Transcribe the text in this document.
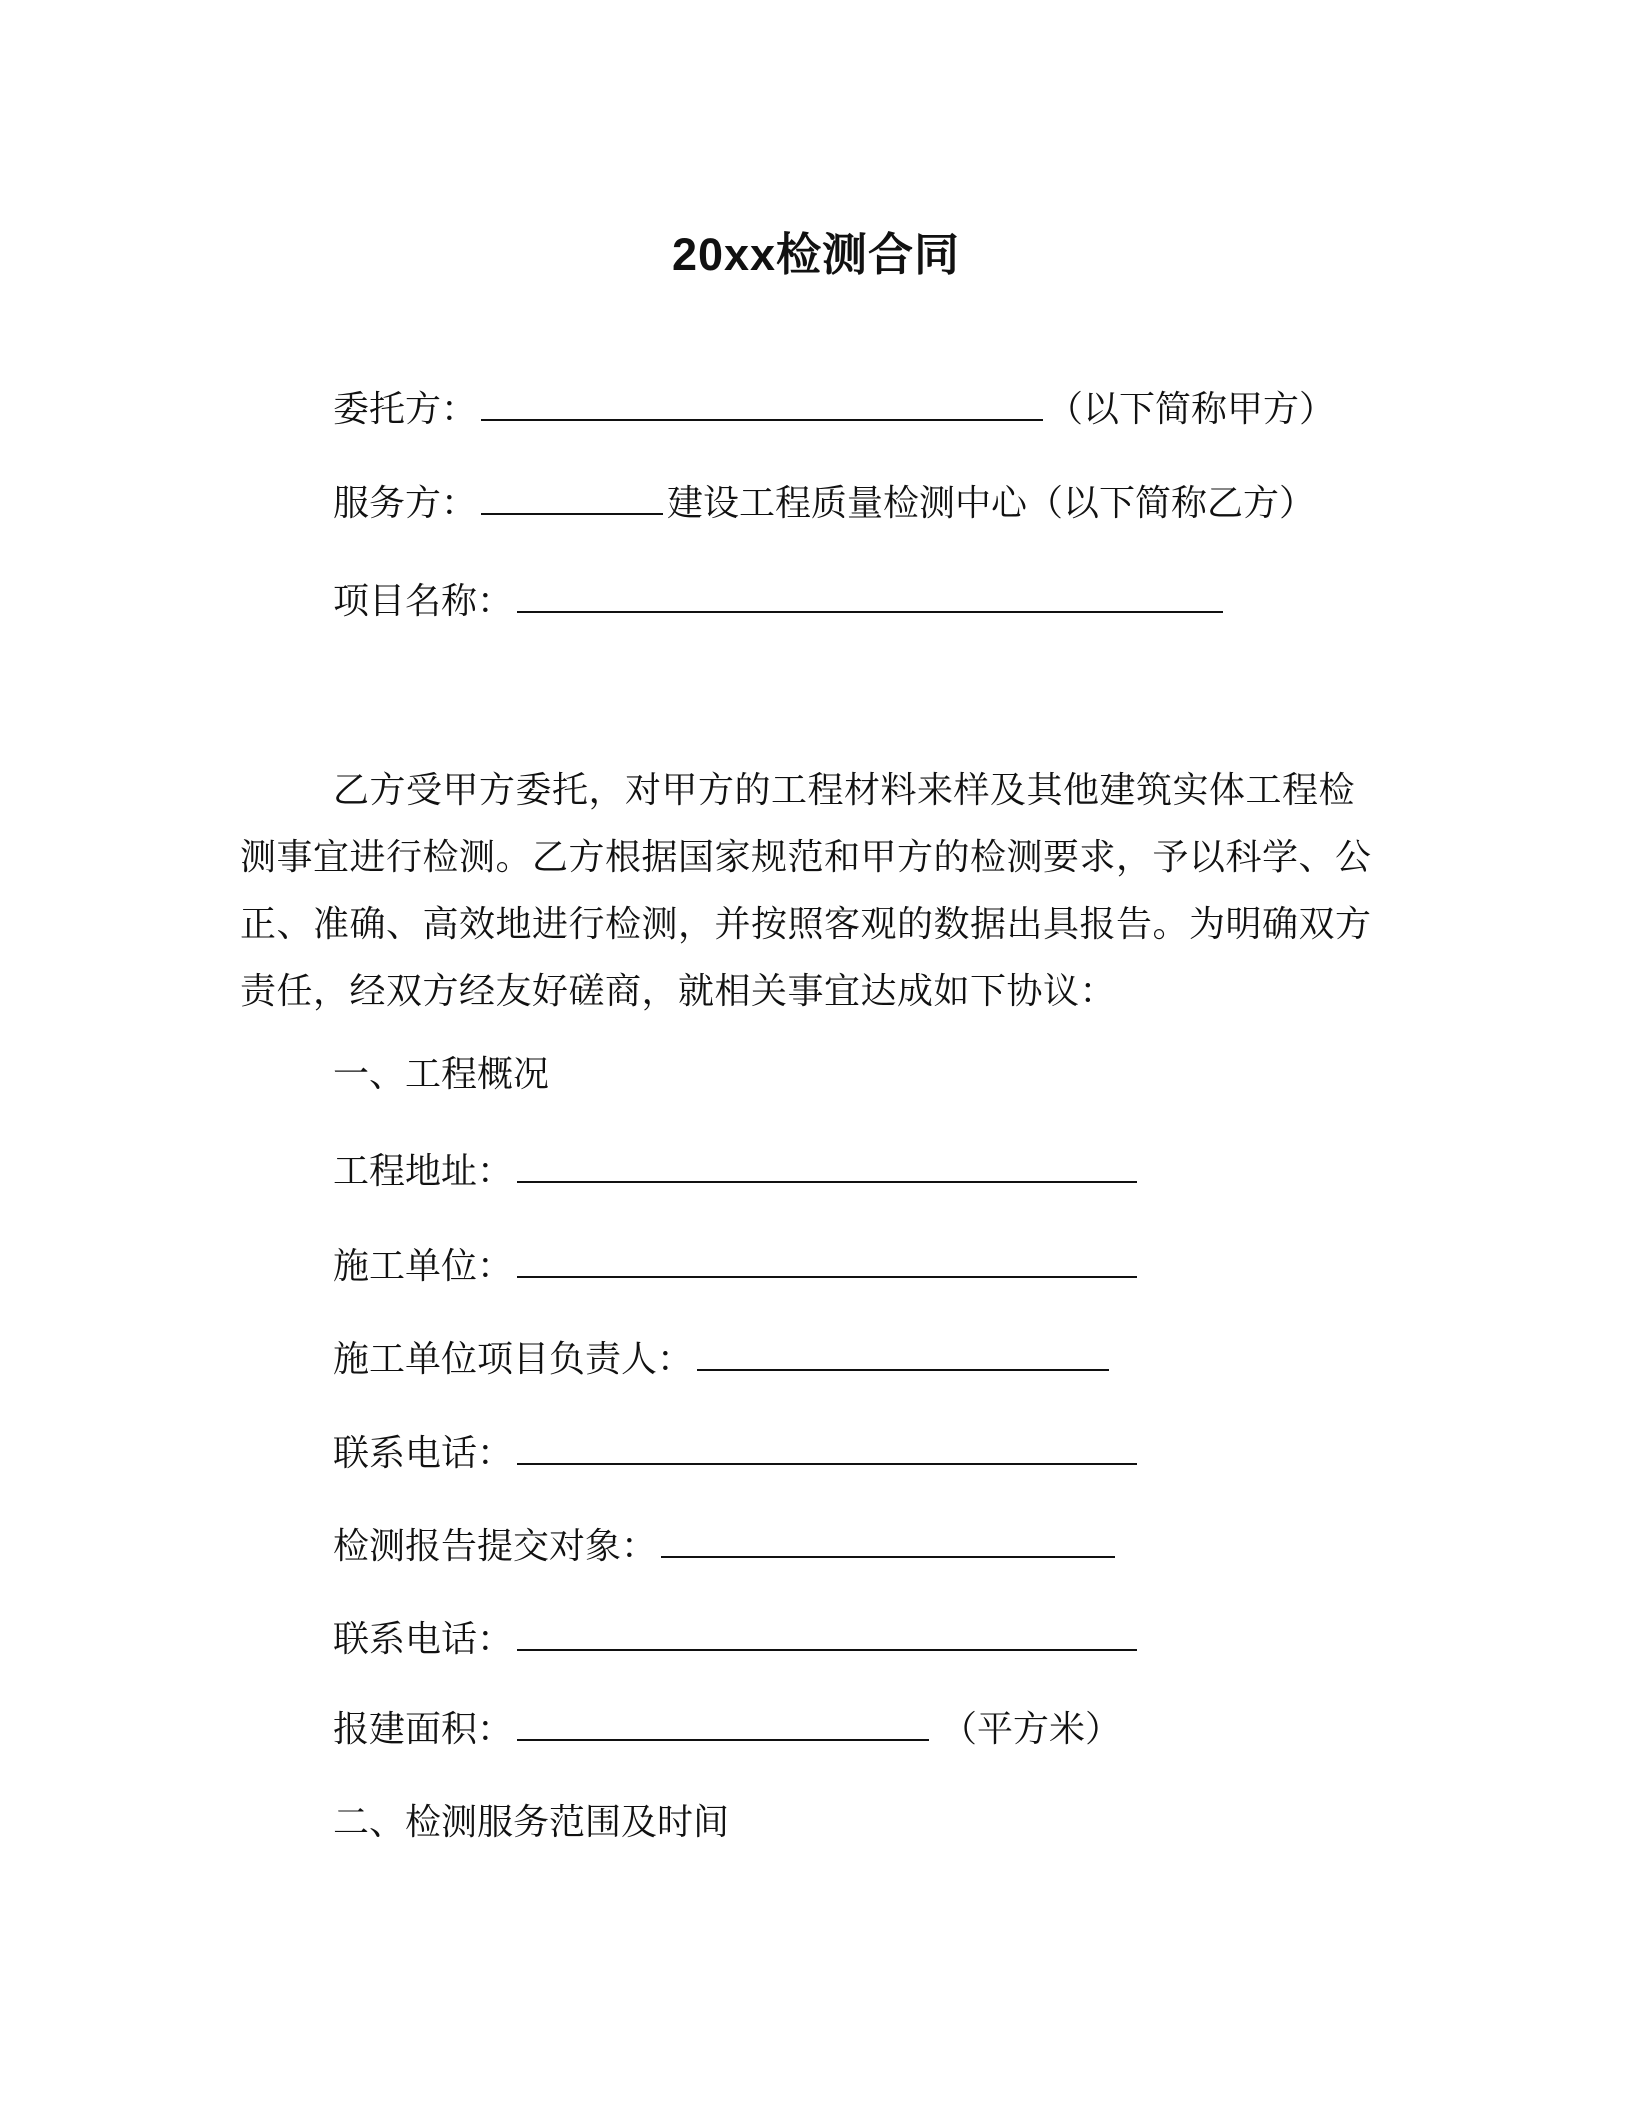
20xx检测合同
委托方：	（以下简称甲方）
服务方：	建设工程质量检测中心（以下简称乙方）
项目名称：
乙方受甲方委托，对甲方的工程材料来样及其他建筑实体工程检测事宜进行检测。乙方根据国家规范和甲方的检测要求，予以科学、公正、准确、高效地进行检测，并按照客观的数据出具报告。为明确双方责任，经双方经友好磋商，就相关事宜达成如下协议：
一、工程概况
工程地址：
施工单位：
施工单位项目负责人：
联系电话：
检测报告提交对象：
联系电话：
报建面积：	（平方米）
二、检测服务范围及时间
